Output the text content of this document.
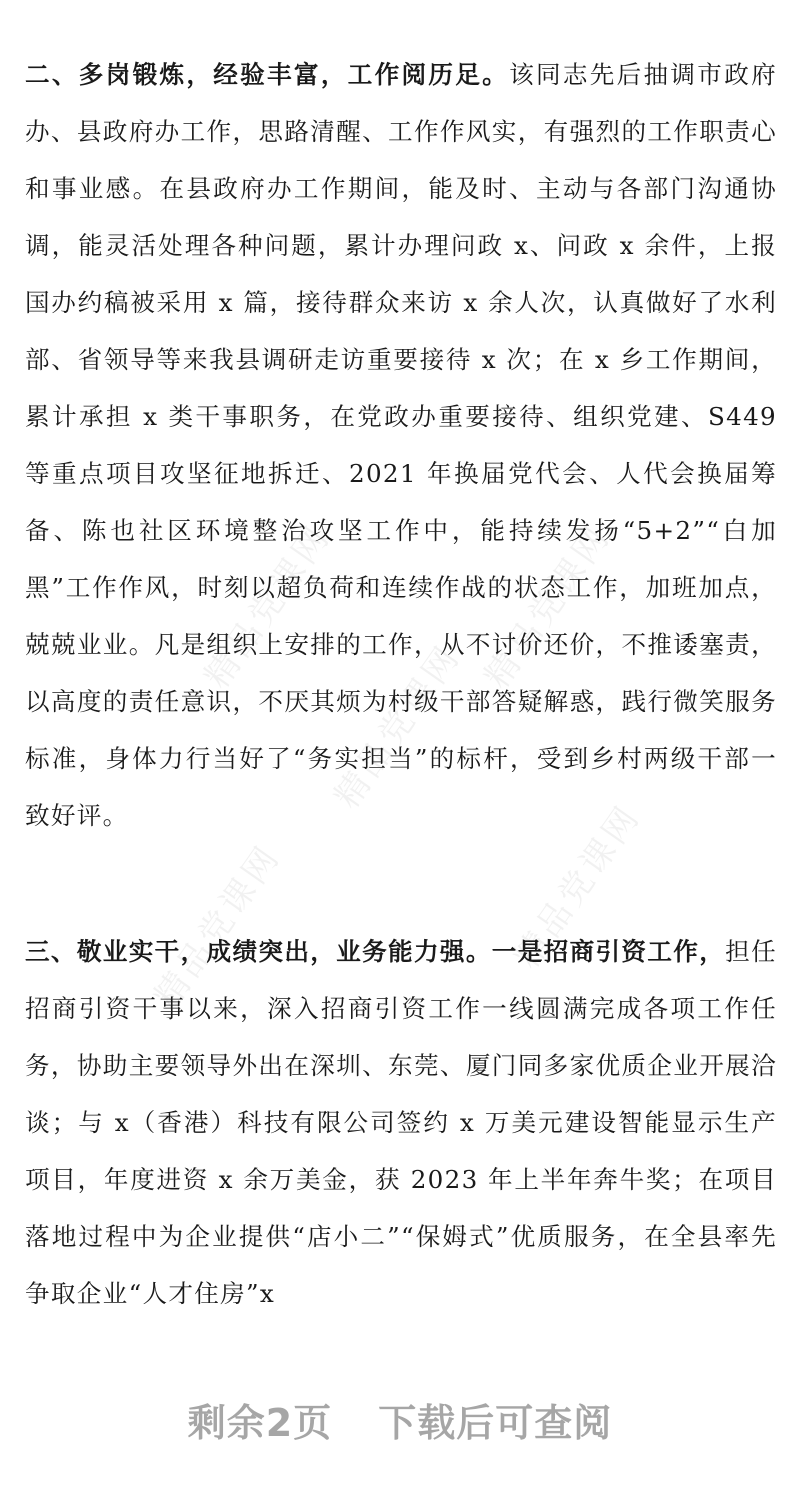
精品党课网	精品党课网
精品党课网
精品党课网	精品党课网

二、多岗锻炼，经验丰富，工作阅历足。该同志先后抽调市政府办、县政府办工作，思路清醒、工作作风实，有强烈的工作职责心和事业感。在县政府办工作期间，能及时、主动与各部门沟通协调，能灵活处理各种问题，累计办理问政 x、问政 x 余件，上报国办约稿被采用 x 篇，接待群众来访 x 余人次，认真做好了水利部、省领导等来我县调研走访重要接待 x 次；在 x 乡工作期间，累计承担 x 类干事职务，在党政办重要接待、组织党建、S449 等重点项目攻坚征地拆迁、2021 年换届党代会、人代会换届筹备、陈也社区环境整治攻坚工作中，能持续发扬“5+2”“白加黑”工作作风，时刻以超负荷和连续作战的状态工作，加班加点，兢兢业业。凡是组织上安排的工作，从不讨价还价，不推诿塞责，以高度的责任意识，不厌其烦为村级干部答疑解惑，践行微笑服务标准，身体力行当好了“务实担当”的标杆，受到乡村两级干部一致好评。

三、敬业实干，成绩突出，业务能力强。一是招商引资工作，担任招商引资干事以来，深入招商引资工作一线圆满完成各项工作任务，协助主要领导外出在深圳、东莞、厦门同多家优质企业开展洽谈；与 x（香港）科技有限公司签约 x 万美元建设智能显示生产项目，年度进资 x 余万美金，获 2023 年上半年奔牛奖；在项目落地过程中为企业提供“店小二”“保姆式”优质服务，在全县率先争取企业“人才住房”x

剩余2页 下载后可查阅
